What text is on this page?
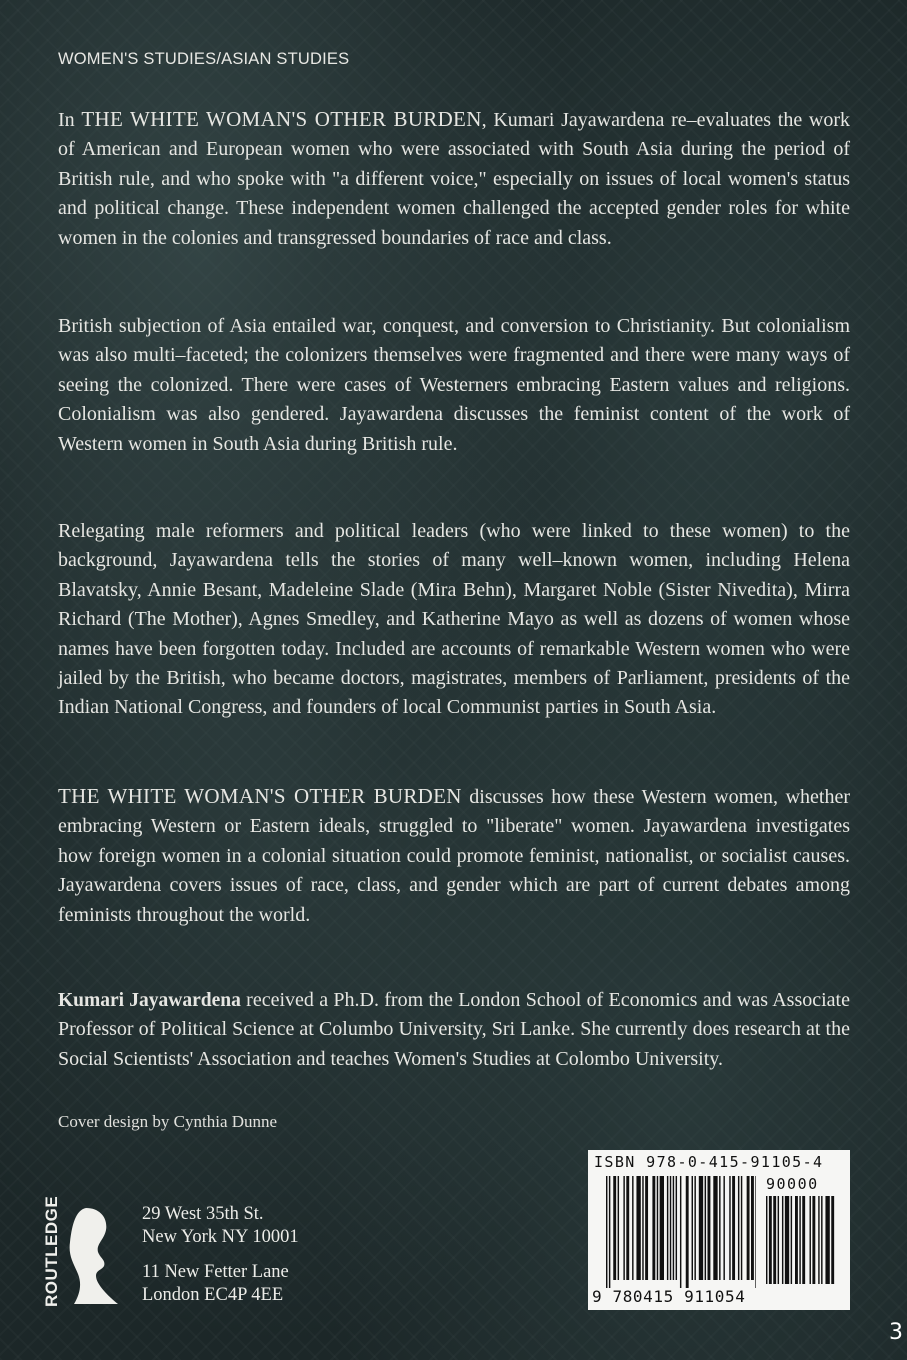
WOMEN'S STUDIES/ASIAN STUDIES

In THE WHITE WOMAN'S OTHER BURDEN, Kumari Jayawardena re–evaluates the work of American and European women who were associated with South Asia during the period of British rule, and who spoke with "a different voice," especially on issues of local women's status and political change. These independent women challenged the accepted gender roles for white women in the colonies and transgressed boundaries of race and class.

British subjection of Asia entailed war, conquest, and conversion to Christianity. But colonialism was also multi–faceted; the colonizers themselves were fragmented and there were many ways of seeing the colonized. There were cases of Westerners embracing Eastern values and religions. Colonialism was also gendered. Jayawardena discusses the feminist content of the work of Western women in South Asia during British rule.

Relegating male reformers and political leaders (who were linked to these women) to the background, Jayawardena tells the stories of many well–known women, including Helena Blavatsky, Annie Besant, Madeleine Slade (Mira Behn), Margaret Noble (Sister Nivedita), Mirra Richard (The Mother), Agnes Smedley, and Katherine Mayo as well as dozens of women whose names have been forgotten today. Included are accounts of remarkable Western women who were jailed by the British, who became doctors, magistrates, members of Parliament, presidents of the Indian National Congress, and founders of local Communist parties in South Asia.

THE WHITE WOMAN'S OTHER BURDEN discusses how these Western women, whether embracing Western or Eastern ideals, struggled to "liberate" women. Jayawardena investigates how foreign women in a colonial situation could promote feminist, nationalist, or socialist causes. Jayawardena covers issues of race, class, and gender which are part of current debates among feminists throughout the world.

Kumari Jayawardena received a Ph.D. from the London School of Economics and was Associate Professor of Political Science at Columbo University, Sri Lanke. She currently does research at the Social Scientists' Association and teaches Women's Studies at Colombo University.

Cover design by Cynthia Dunne
ROUTLEDGE	29 West 35th St.
New York NY 10001
11 New Fetter Lane
London EC4P 4EE
ISBN 978-0-415-91105-4
90000
9 780415 911054
3
